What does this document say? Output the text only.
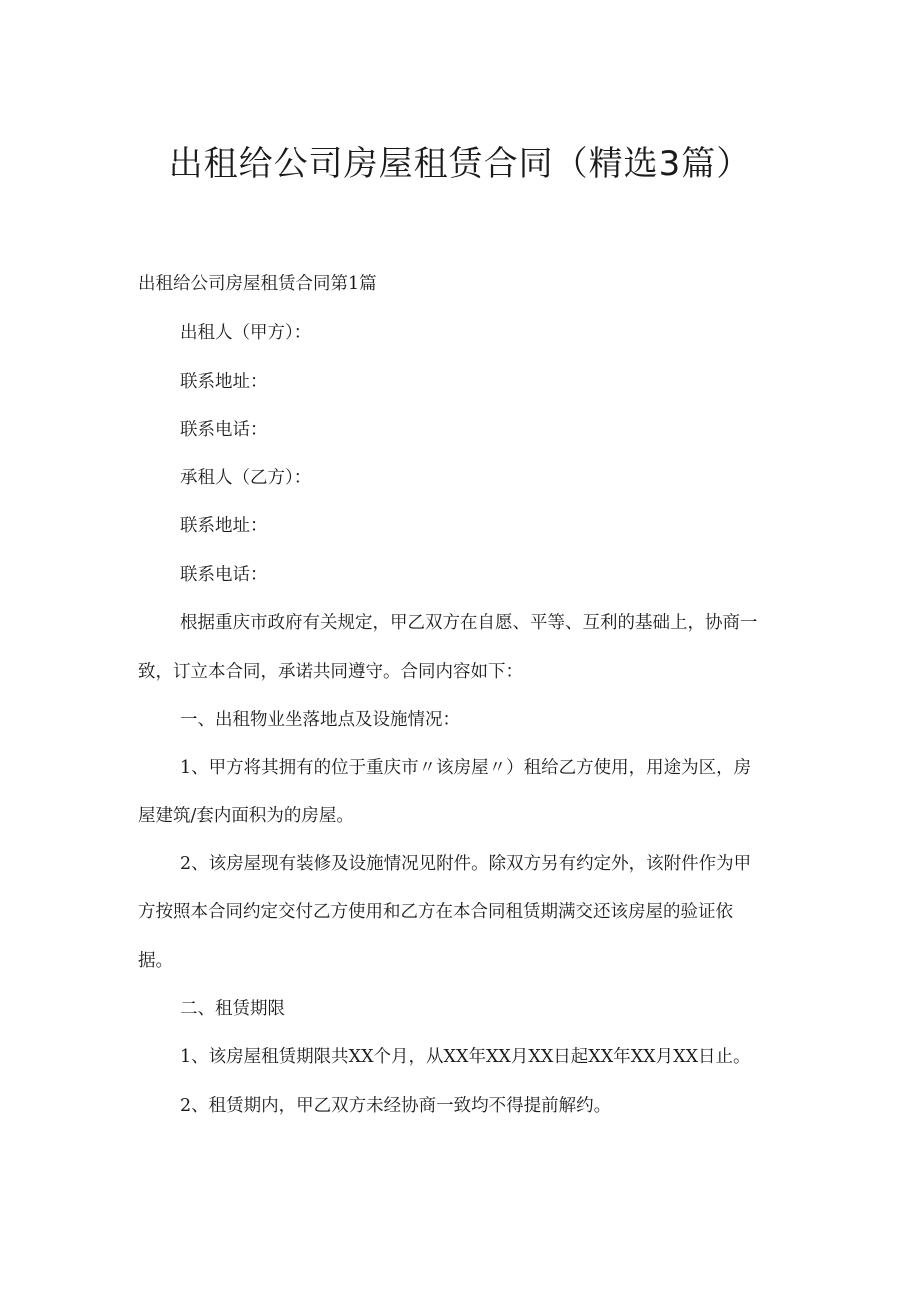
出租给公司房屋租赁合同（精选3篇）

出租给公司房屋租赁合同第1篇

出租人（甲方）：

联系地址：

联系电话：

承租人（乙方）：

联系地址：

联系电话：

根据重庆市政府有关规定，甲乙双方在自愿、平等、互利的基础上，协商一

致，订立本合同，承诺共同遵守。合同内容如下：

一、出租物业坐落地点及设施情况：

1、甲方将其拥有的位于重庆市〃该房屋〃）租给乙方使用，用途为区，房

屋建筑/套内面积为的房屋。

2、该房屋现有装修及设施情况见附件。除双方另有约定外，该附件作为甲

方按照本合同约定交付乙方使用和乙方在本合同租赁期满交还该房屋的验证依

据。

二、租赁期限

1、该房屋租赁期限共XX个月，从XX年XX月XX日起XX年XX月XX日止。

2、租赁期内，甲乙双方未经协商一致均不得提前解约。
